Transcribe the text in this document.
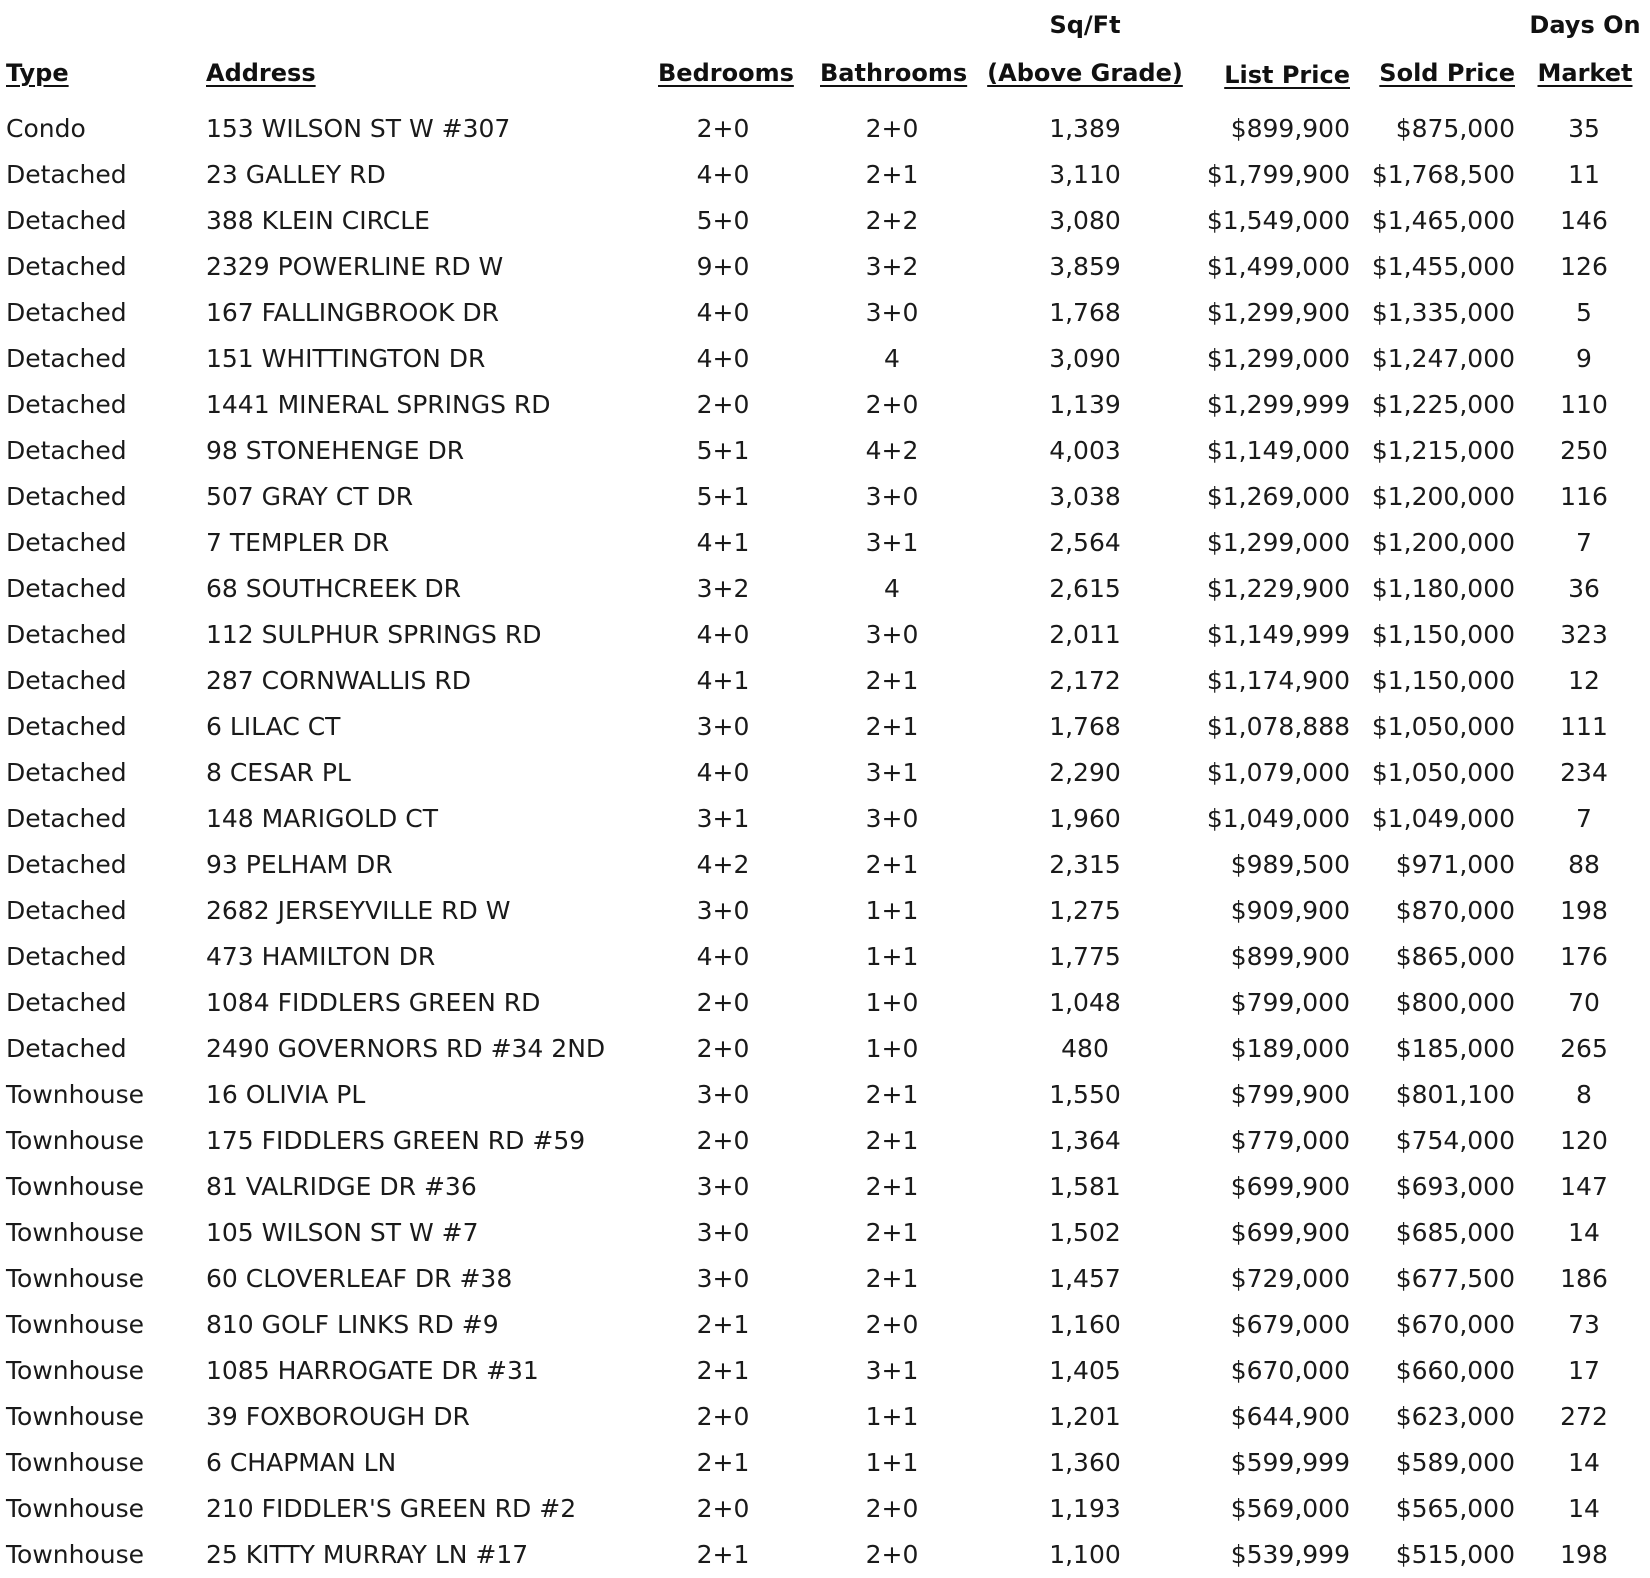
Type	Address	Bedrooms Bathrooms
Sq/Ft
(Above Grade)	List Price	Sold Price
Days On
Market
Condo	153 WILSON ST W #307	2+0	2+0	1,389	$899,900	$875,000	35
Detached	23 GALLEY RD	4+0	2+1	3,110	$1,799,900 $1,768,500	11
Detached	388 KLEIN CIRCLE	5+0	2+2	3,080	$1,549,000 $1,465,000	146
Detached	2329 POWERLINE RD W	9+0	3+2	3,859	$1,499,000 $1,455,000	126
Detached	167 FALLINGBROOK DR	4+0	3+0	1,768	$1,299,900 $1,335,000	5
Detached	151 WHITTINGTON DR	4+0	4	3,090	$1,299,000 $1,247,000	9
Detached	1441 MINERAL SPRINGS RD	2+0	2+0	1,139	$1,299,999 $1,225,000	110
Detached	98 STONEHENGE DR	5+1	4+2	4,003	$1,149,000 $1,215,000	250
Detached	507 GRAY CT DR	5+1	3+0	3,038	$1,269,000 $1,200,000	116
Detached	7 TEMPLER DR	4+1	3+1	2,564	$1,299,000 $1,200,000	7
Detached	68 SOUTHCREEK DR	3+2	4	2,615	$1,229,900 $1,180,000	36
Detached	112 SULPHUR SPRINGS RD	4+0	3+0	2,011	$1,149,999 $1,150,000	323
Detached	287 CORNWALLIS RD	4+1	2+1	2,172	$1,174,900 $1,150,000	12
Detached	6 LILAC CT	3+0	2+1	1,768	$1,078,888 $1,050,000	111
Detached	8 CESAR PL	4+0	3+1	2,290	$1,079,000 $1,050,000	234
Detached	148 MARIGOLD CT	3+1	3+0	1,960	$1,049,000 $1,049,000	7
Detached	93 PELHAM DR	4+2	2+1	2,315	$989,500	$971,000	88
Detached	2682 JERSEYVILLE RD W	3+0	1+1	1,275	$909,900	$870,000	198
Detached	473 HAMILTON DR	4+0	1+1	1,775	$899,900	$865,000	176
Detached	1084 FIDDLERS GREEN RD	2+0	1+0	1,048	$799,000	$800,000	70
Detached	2490 GOVERNORS RD #34 2ND	2+0	1+0	480	$189,000	$185,000	265
Townhouse	16 OLIVIA PL	3+0	2+1	1,550	$799,900	$801,100	8
Townhouse	175 FIDDLERS GREEN RD #59	2+0	2+1	1,364	$779,000	$754,000	120
Townhouse	81 VALRIDGE DR #36	3+0	2+1	1,581	$699,900	$693,000	147
Townhouse	105 WILSON ST W #7	3+0	2+1	1,502	$699,900	$685,000	14
Townhouse	60 CLOVERLEAF DR #38	3+0	2+1	1,457	$729,000	$677,500	186
Townhouse	810 GOLF LINKS RD #9	2+1	2+0	1,160	$679,000	$670,000	73
Townhouse	1085 HARROGATE DR #31	2+1	3+1	1,405	$670,000	$660,000	17
Townhouse	39 FOXBOROUGH DR	2+0	1+1	1,201	$644,900	$623,000	272
Townhouse	6 CHAPMAN LN	2+1	1+1	1,360	$599,999	$589,000	14
Townhouse	210 FIDDLER'S GREEN RD #2	2+0	2+0	1,193	$569,000	$565,000	14
Townhouse	25 KITTY MURRAY LN #17	2+1	2+0	1,100	$539,999	$515,000	198
